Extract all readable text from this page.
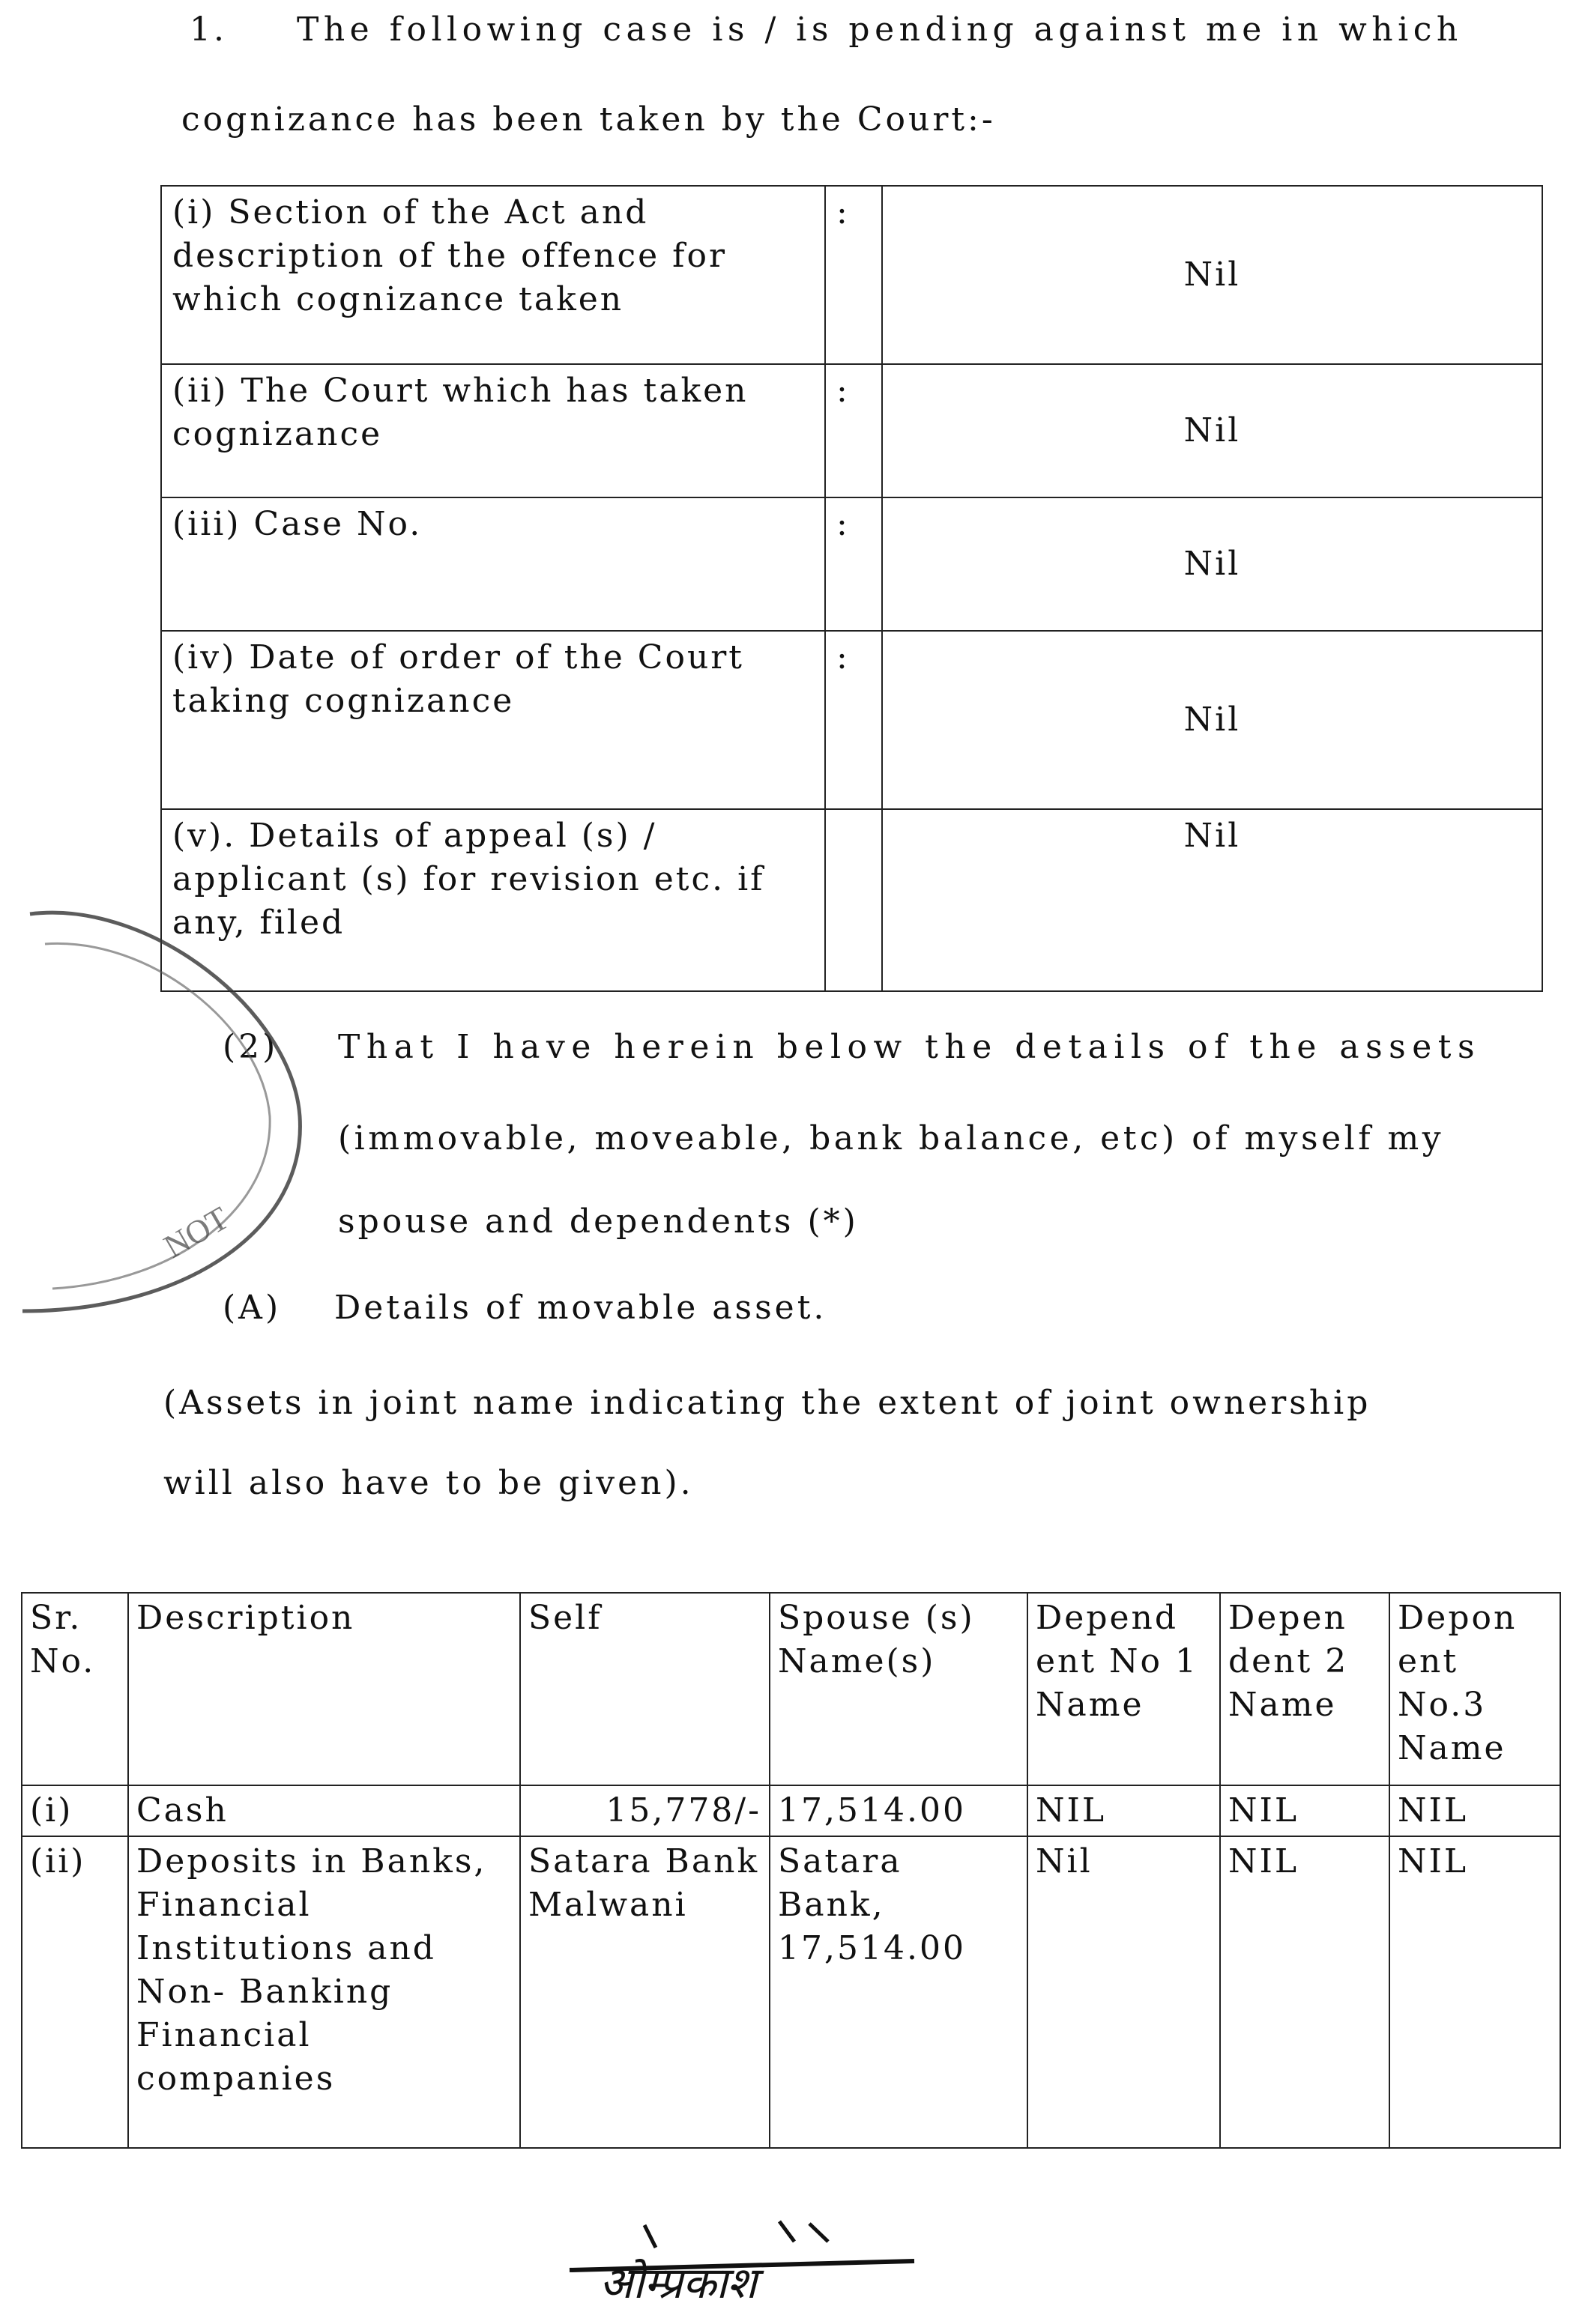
1. The following case is / is pending against me in which
cognizance has been taken by the Court:-
(i) Section of the Act and description of the offence for which cognizance taken	:	Nil
(ii) The Court which has taken cognizance	:	Nil
(iii) Case No.	:	Nil
(iv) Date of order of the Court taking cognizance	:	Nil
(v). Details of appeal (s) / applicant (s) for revision etc. if any, filed		Nil
(2) That I have herein below the details of the assets
(immovable, moveable, bank balance, etc) of myself my
spouse and dependents (*)
(A) Details of movable asset.
(Assets in joint name indicating the extent of joint ownership
will also have to be given).
Sr. No.	Description	Self	Spouse (s) Name(s)	Depend ent No 1 Name	Depen dent 2 Name	Depon ent No.3 Name
(i)	Cash	15,778/-	17,514.00	NIL	NIL	NIL
(ii)	Deposits in Banks, Financial Institutions and Non- Banking Financial companies	Satara Bank Malwani	Satara Bank, 17,514.00	Nil	NIL	NIL
NOT
ओम्प्रकाश
